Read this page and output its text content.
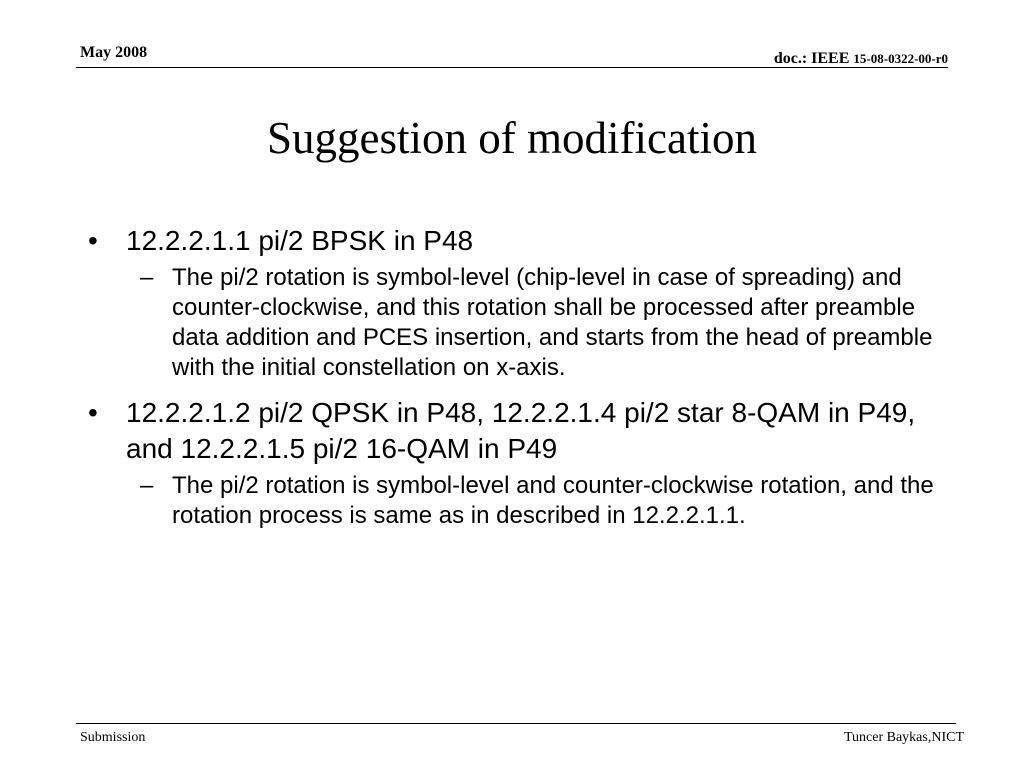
May 2008	doc.: IEEE 15-08-0322-00-r0
Suggestion of modification
• 12.2.2.1.1 pi/2 BPSK in P48
– The pi/2 rotation is symbol-level (chip-level in case of spreading) and counter-clockwise, and this rotation shall be processed after preamble data addition and PCES insertion, and starts from the head of preamble with the initial constellation on x-axis.
• 12.2.2.1.2 pi/2 QPSK in P48, 12.2.2.1.4 pi/2 star 8-QAM in P49, and 12.2.2.1.5 pi/2 16-QAM in P49
– The pi/2 rotation is symbol-level and counter-clockwise rotation, and the rotation process is same as in described in 12.2.2.1.1.
Submission	Tuncer Baykas,NICT
